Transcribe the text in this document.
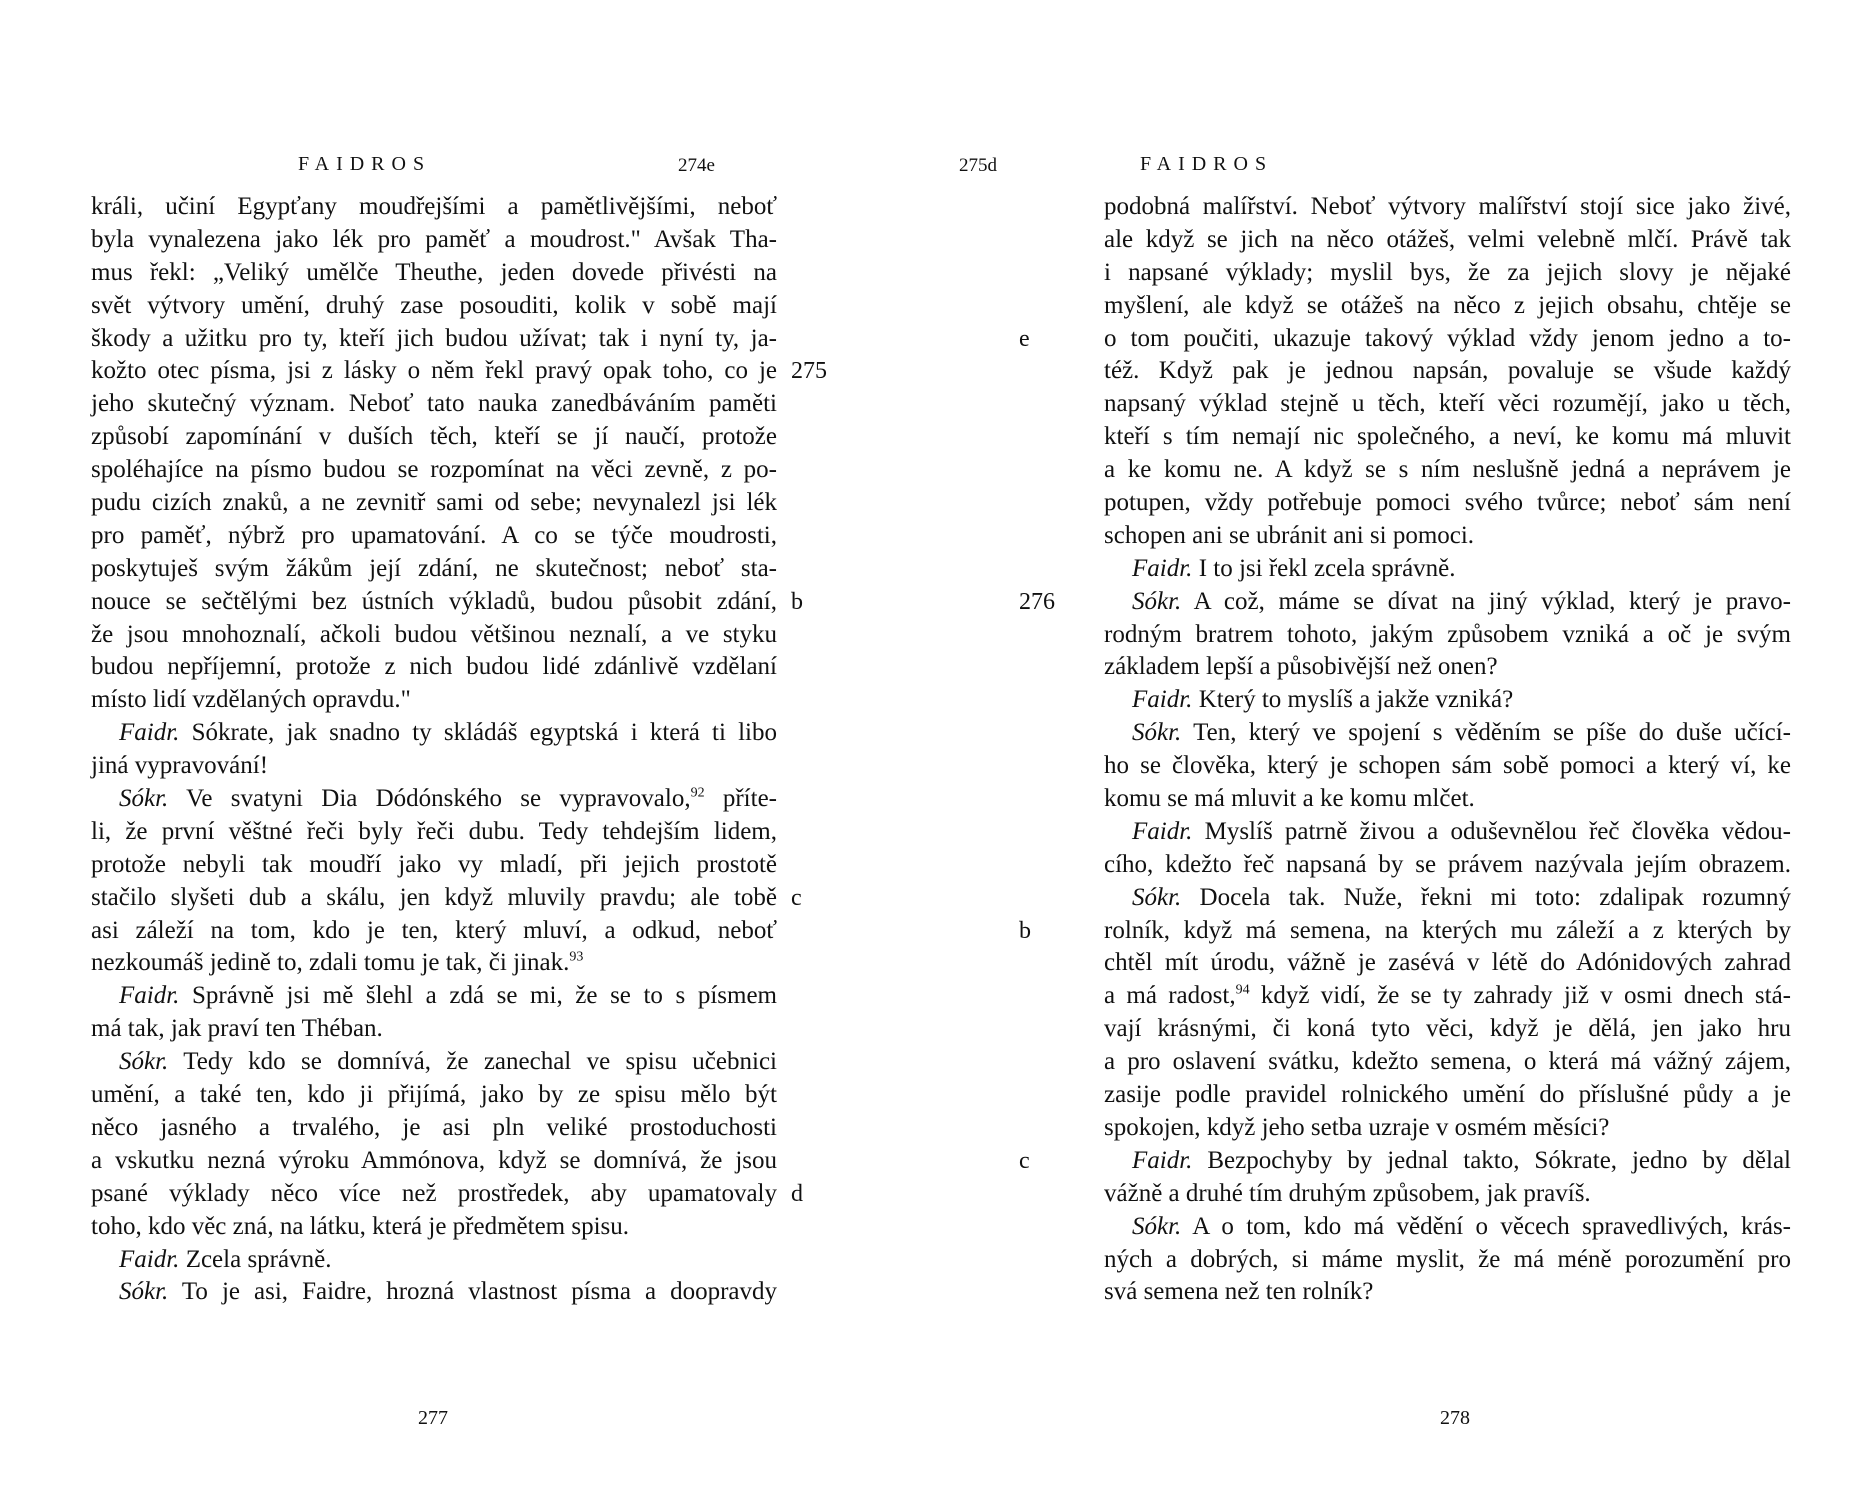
FAIDROS	274e
králi, učiní Egypťany moudřejšími a pamětlivějšími, neboť
byla vynalezena jako lék pro paměť a moudrost." Avšak Tha-
mus řekl: „Veliký umělče Theuthe, jeden dovede přivésti na
svět výtvory umění, druhý zase posouditi, kolik v sobě mají
škody a užitku pro ty, kteří jich budou užívat; tak i nyní ty, ja-
kožto otec písma, jsi z lásky o něm řekl pravý opak toho, co je 275
jeho skutečný význam. Neboť tato nauka zanedbáváním paměti
způsobí zapomínání v duších těch, kteří se jí naučí, protože
spoléhajíce na písmo budou se rozpomínat na věci zevně, z po-
pudu cizích znaků, a ne zevnitř sami od sebe; nevynalezl jsi lék
pro paměť, nýbrž pro upamatování. A co se týče moudrosti,
poskytuješ svým žákům její zdání, ne skutečnost; neboť sta-
nouce se sečtělými bez ústních výkladů, budou působit zdání, b
že jsou mnohoznalí, ačkoli budou většinou neznalí, a ve styku
budou nepříjemní, protože z nich budou lidé zdánlivě vzdělaní
místo lidí vzdělaných opravdu."
Faidr. Sókrate, jak snadno ty skládáš egyptská i která ti libo
jiná vypravování!
Sókr. Ve svatyni Dia Dódónského se vypravovalo,$^{92}$ příte-
li, že první věštné řeči byly řeči dubu. Tedy tehdejším lidem,
protože nebyli tak moudří jako vy mladí, při jejich prostotě
stačilo slyšeti dub a skálu, jen když mluvily pravdu; ale tobě c
asi záleží na tom, kdo je ten, který mluví, a odkud, neboť
nezkoumáš jedině to, zdali tomu je tak, či jinak.$^{93}$
Faidr. Správně jsi mě šlehl a zdá se mi, že se to s písmem
má tak, jak praví ten Théban.
Sókr. Tedy kdo se domnívá, že zanechal ve spisu učebnici
umění, a také ten, kdo ji přijímá, jako by ze spisu mělo být
něco jasného a trvalého, je asi pln veliké prostoduchosti
a vskutku nezná výroku Ammónova, když se domnívá, že jsou
psané výklady něco více než prostředek, aby upamatovaly d
toho, kdo věc zná, na látku, která je předmětem spisu.
Faidr. Zcela správně.
Sókr. To je asi, Faidre, hrozná vlastnost písma a doopravdy
277
275d	FAIDROS
podobná malířství. Neboť výtvory malířství stojí sice jako živé,
ale když se jich na něco otážeš, velmi velebně mlčí. Právě tak
i napsané výklady; myslil bys, že za jejich slovy je nějaké
myšlení, ale když se otážeš na něco z jejich obsahu, chtěje se
o tom poučiti, ukazuje takový výklad vždy jenom jedno a to-
e
též. Když pak je jednou napsán, povaluje se všude každý
napsaný výklad stejně u těch, kteří věci rozumějí, jako u těch,
kteří s tím nemají nic společného, a neví, ke komu má mluvit
a ke komu ne. A když se s ním neslušně jedná a neprávem je
potupen, vždy potřebuje pomoci svého tvůrce; neboť sám není
schopen ani se ubránit ani si pomoci.
Faidr. I to jsi řekl zcela správně.
Sókr. A což, máme se dívat na jiný výklad, který je pravo-
276
rodným bratrem tohoto, jakým způsobem vzniká a oč je svým
základem lepší a působivější než onen?
Faidr. Který to myslíš a jakže vzniká?
Sókr. Ten, který ve spojení s věděním se píše do duše učící-
ho se člověka, který je schopen sám sobě pomoci a který ví, ke
komu se má mluvit a ke komu mlčet.
Faidr. Myslíš patrně živou a oduševnělou řeč člověka vědou-
cího, kdežto řeč napsaná by se právem nazývala jejím obrazem.
Sókr. Docela tak. Nuže, řekni mi toto: zdalipak rozumný
rolník, když má semena, na kterých mu záleží a z kterých by
b
chtěl mít úrodu, vážně je zasévá v létě do Adónidových zahrad
a má radost,$^{94}$ když vidí, že se ty zahrady již v osmi dnech stá-
vají krásnými, či koná tyto věci, když je dělá, jen jako hru
a pro oslavení svátku, kdežto semena, o která má vážný zájem,
zasije podle pravidel rolnického umění do příslušné půdy a je
spokojen, když jeho setba uzraje v osmém měsíci?
Faidr. Bezpochyby by jednal takto, Sókrate, jedno by dělal
c
vážně a druhé tím druhým způsobem, jak pravíš.
Sókr. A o tom, kdo má vědění o věcech spravedlivých, krás-
ných a dobrých, si máme myslit, že má méně porozumění pro
svá semena než ten rolník?
278
